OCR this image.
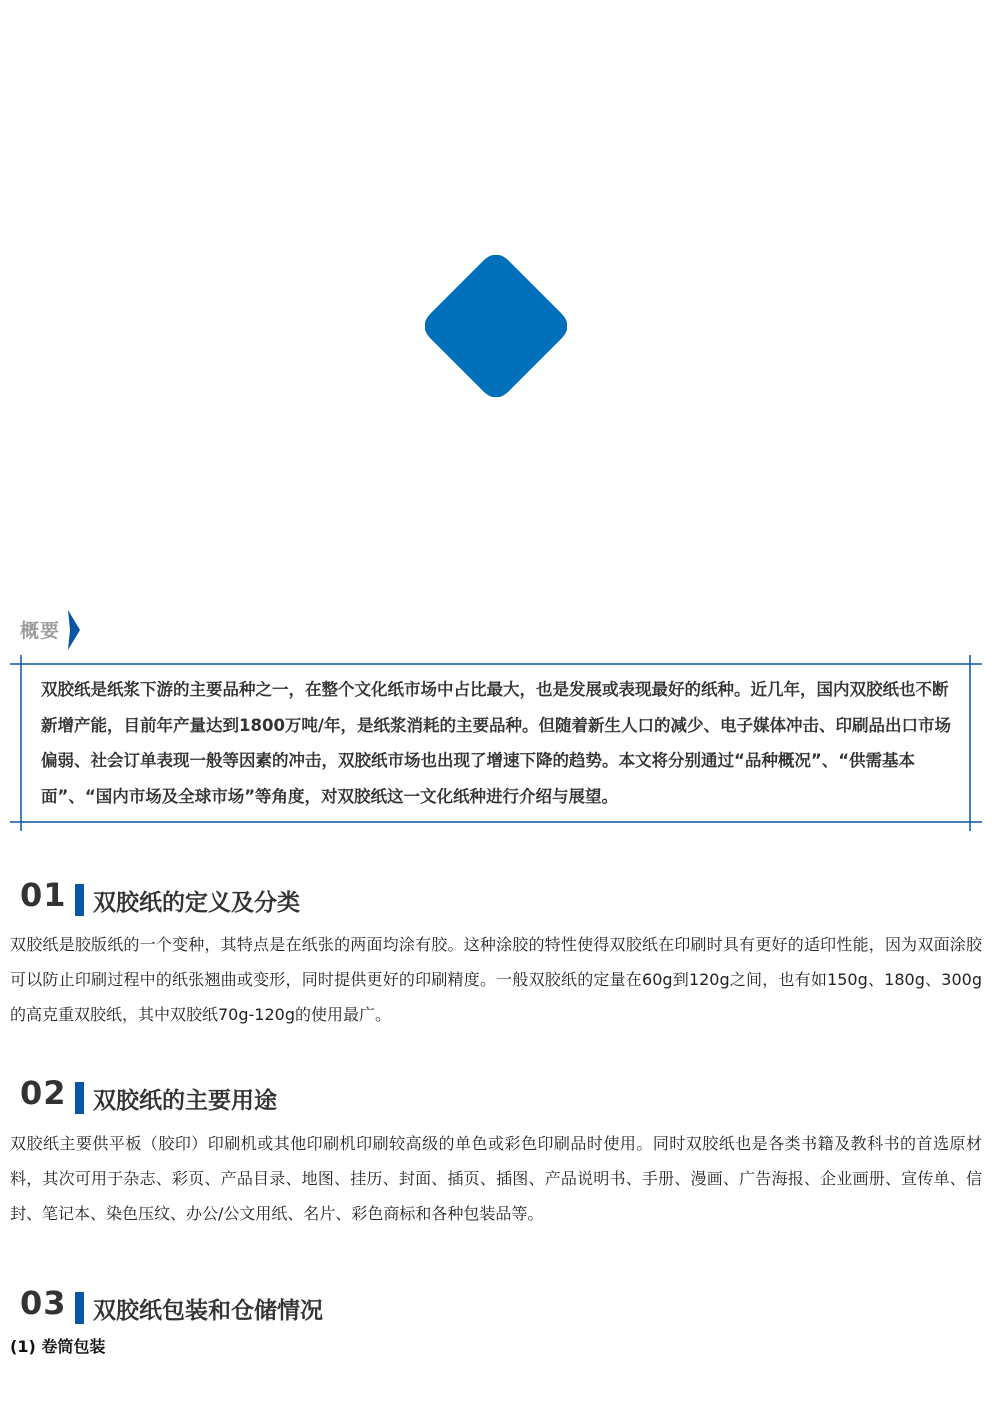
概要

双胶纸是纸浆下游的主要品种之一，在整个文化纸市场中占比最大，也是发展或表现最好的纸种。近几年，国内双胶纸也不断新增产能，目前年产量达到1800万吨/年，是纸浆消耗的主要品种。但随着新生人口的减少、电子媒体冲击、印刷品出口市场偏弱、社会订单表现一般等因素的冲击，双胶纸市场也出现了增速下降的趋势。本文将分别通过“品种概况”、“供需基本面”、“国内市场及全球市场”等角度，对双胶纸这一文化纸种进行介绍与展望。

01 双胶纸的定义及分类

双胶纸是胶版纸的一个变种，其特点是在纸张的两面均涂有胶。这种涂胶的特性使得双胶纸在印刷时具有更好的适印性能，因为双面涂胶可以防止印刷过程中的纸张翘曲或变形，同时提供更好的印刷精度。一般双胶纸的定量在60g到120g之间，也有如150g、180g、300g的高克重双胶纸，其中双胶纸70g-120g的使用最广。

02 双胶纸的主要用途

双胶纸主要供平板（胶印）印刷机或其他印刷机印刷较高级的单色或彩色印刷品时使用。同时双胶纸也是各类书籍及教科书的首选原材料，其次可用于杂志、彩页、产品目录、地图、挂历、封面、插页、插图、产品说明书、手册、漫画、广告海报、企业画册、宣传单、信封、笔记本、染色压纹、办公/公文用纸、名片、彩色商标和各种包装品等。

03 双胶纸包装和仓储情况

(1) 卷筒包装
